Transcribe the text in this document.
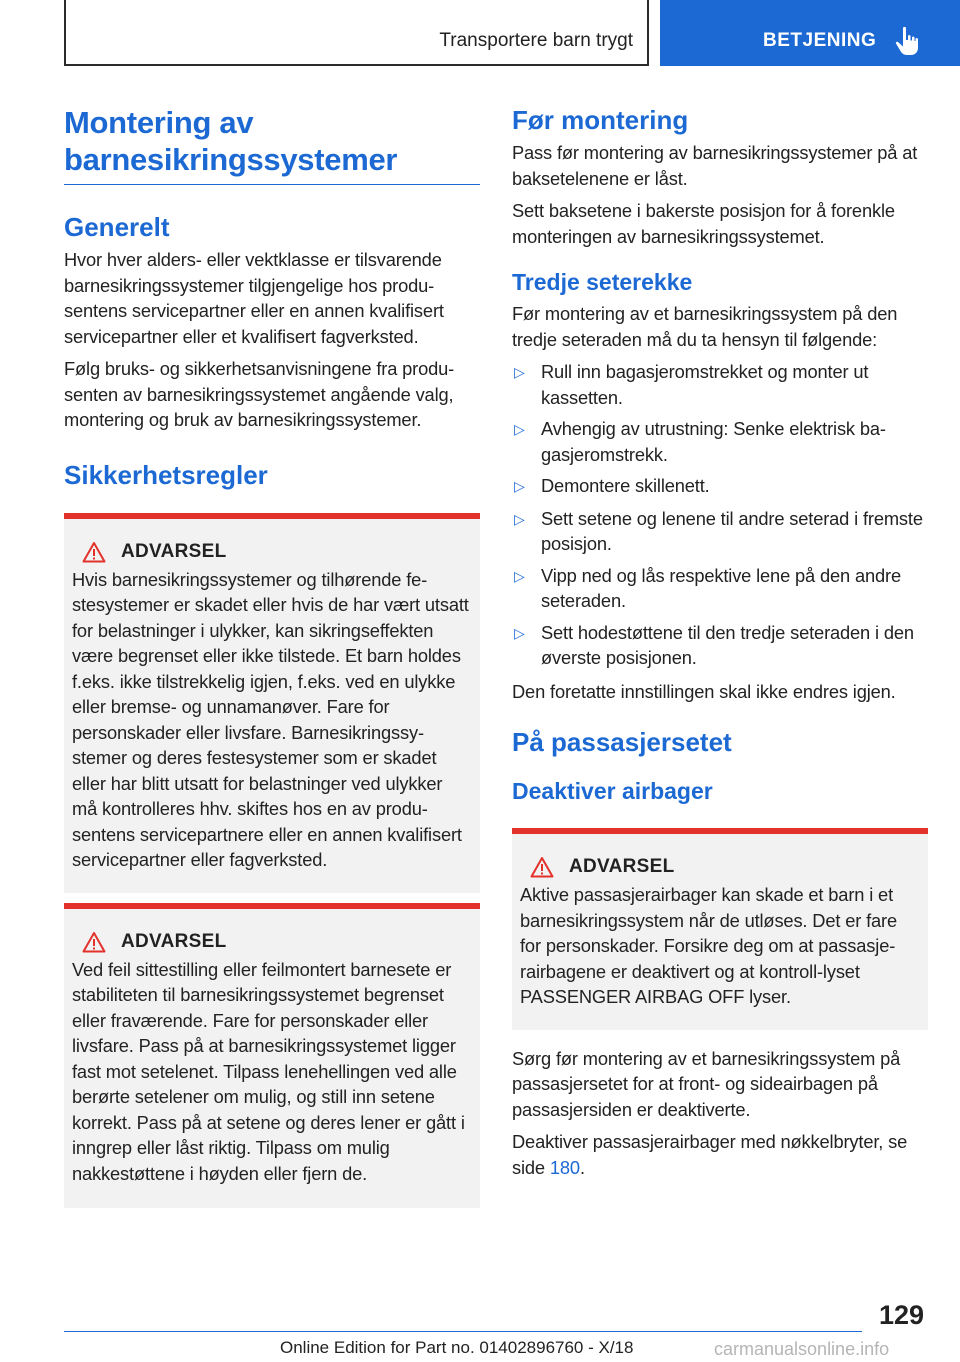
Transportere barn trygt	BETJENING
Montering av
barnesikringssystemer
Generelt

Hvor hver alders- eller vektklasse er tilsvarende barnesikringssystemer tilgjengelige hos produsentens servicepartner eller en annen kvalifisert servicepartner eller et kvalifisert fagverksted.

Følg bruks- og sikkerhetsanvisningene fra produsenten av barnesikringssystemet angående valg, montering og bruk av barnesikringssystemer.

Sikkerhetsregler
ADVARSEL

Hvis barnesikringssystemer og tilhørende festesystemer er skadet eller hvis de har vært utsatt for belastninger i ulykker, kan sikringseffekten være begrenset eller ikke tilstede. Et barn holdes f.eks. ikke tilstrekkelig igjen, f.eks. ved en ulykke eller bremse- og unnamanøver. Fare for personskader eller livsfare. Barnesikringssystemer og deres festesystemer som er skadet eller har blitt utsatt for belastninger ved ulykker må kontrolleres hhv. skiftes hos en av produsentens servicepartnere eller en annen kvalifisert servicepartner eller fagverksted.

ADVARSEL

Ved feil sittestilling eller feilmontert barnesete er stabiliteten til barnesikringssystemet begrenset eller fraværende. Fare for personskader eller livsfare. Pass på at barnesikringssystemet ligger fast mot setelenet. Tilpass lenehellingen ved alle berørte setelener om mulig, og still inn setene korrekt. Pass på at setene og deres lener er gått i inngrep eller låst riktig. Tilpass om mulig nakkestøttene i høyden eller fjern de.

Før montering

Pass før montering av barnesikringssystemer på at baksetelenene er låst.

Sett baksetene i bakerste posisjon for å forenkle monteringen av barnesikringssystemet.

Tredje seterekke

Før montering av et barnesikringssystem på den tredje seteraden må du ta hensyn til følgende:

▷ Rull inn bagasjeromstrekket og monter ut kassetten.
▷ Avhengig av utrustning: Senke elektrisk bagasjeromstrekk.
▷ Demontere skillenett.
▷ Sett setene og lenene til andre seterad i fremste posisjon.
▷ Vipp ned og lås respektive lene på den andre seteraden.
▷ Sett hodestøttene til den tredje seteraden i den øverste posisjonen.

Den foretatte innstillingen skal ikke endres igjen.

På passasjersetet
Deaktiver airbager
ADVARSEL

Aktive passasjerairbager kan skade et barn i et barnesikringssystem når de utløses. Det er fare for personskader. Forsikre deg om at passasjerairbagene er deaktivert og at kontroll-lyset PASSENGER AIRBAG OFF lyser.

Sørg før montering av et barnesikringssystem på passasjersetet for at front- og sideairbagen på passasjersiden er deaktiverte.

Deaktiver passasjerairbager med nøkkelbryter, se side 180.

129
Online Edition for Part no. 01402896760 - X/18	carmanualsonline.info
